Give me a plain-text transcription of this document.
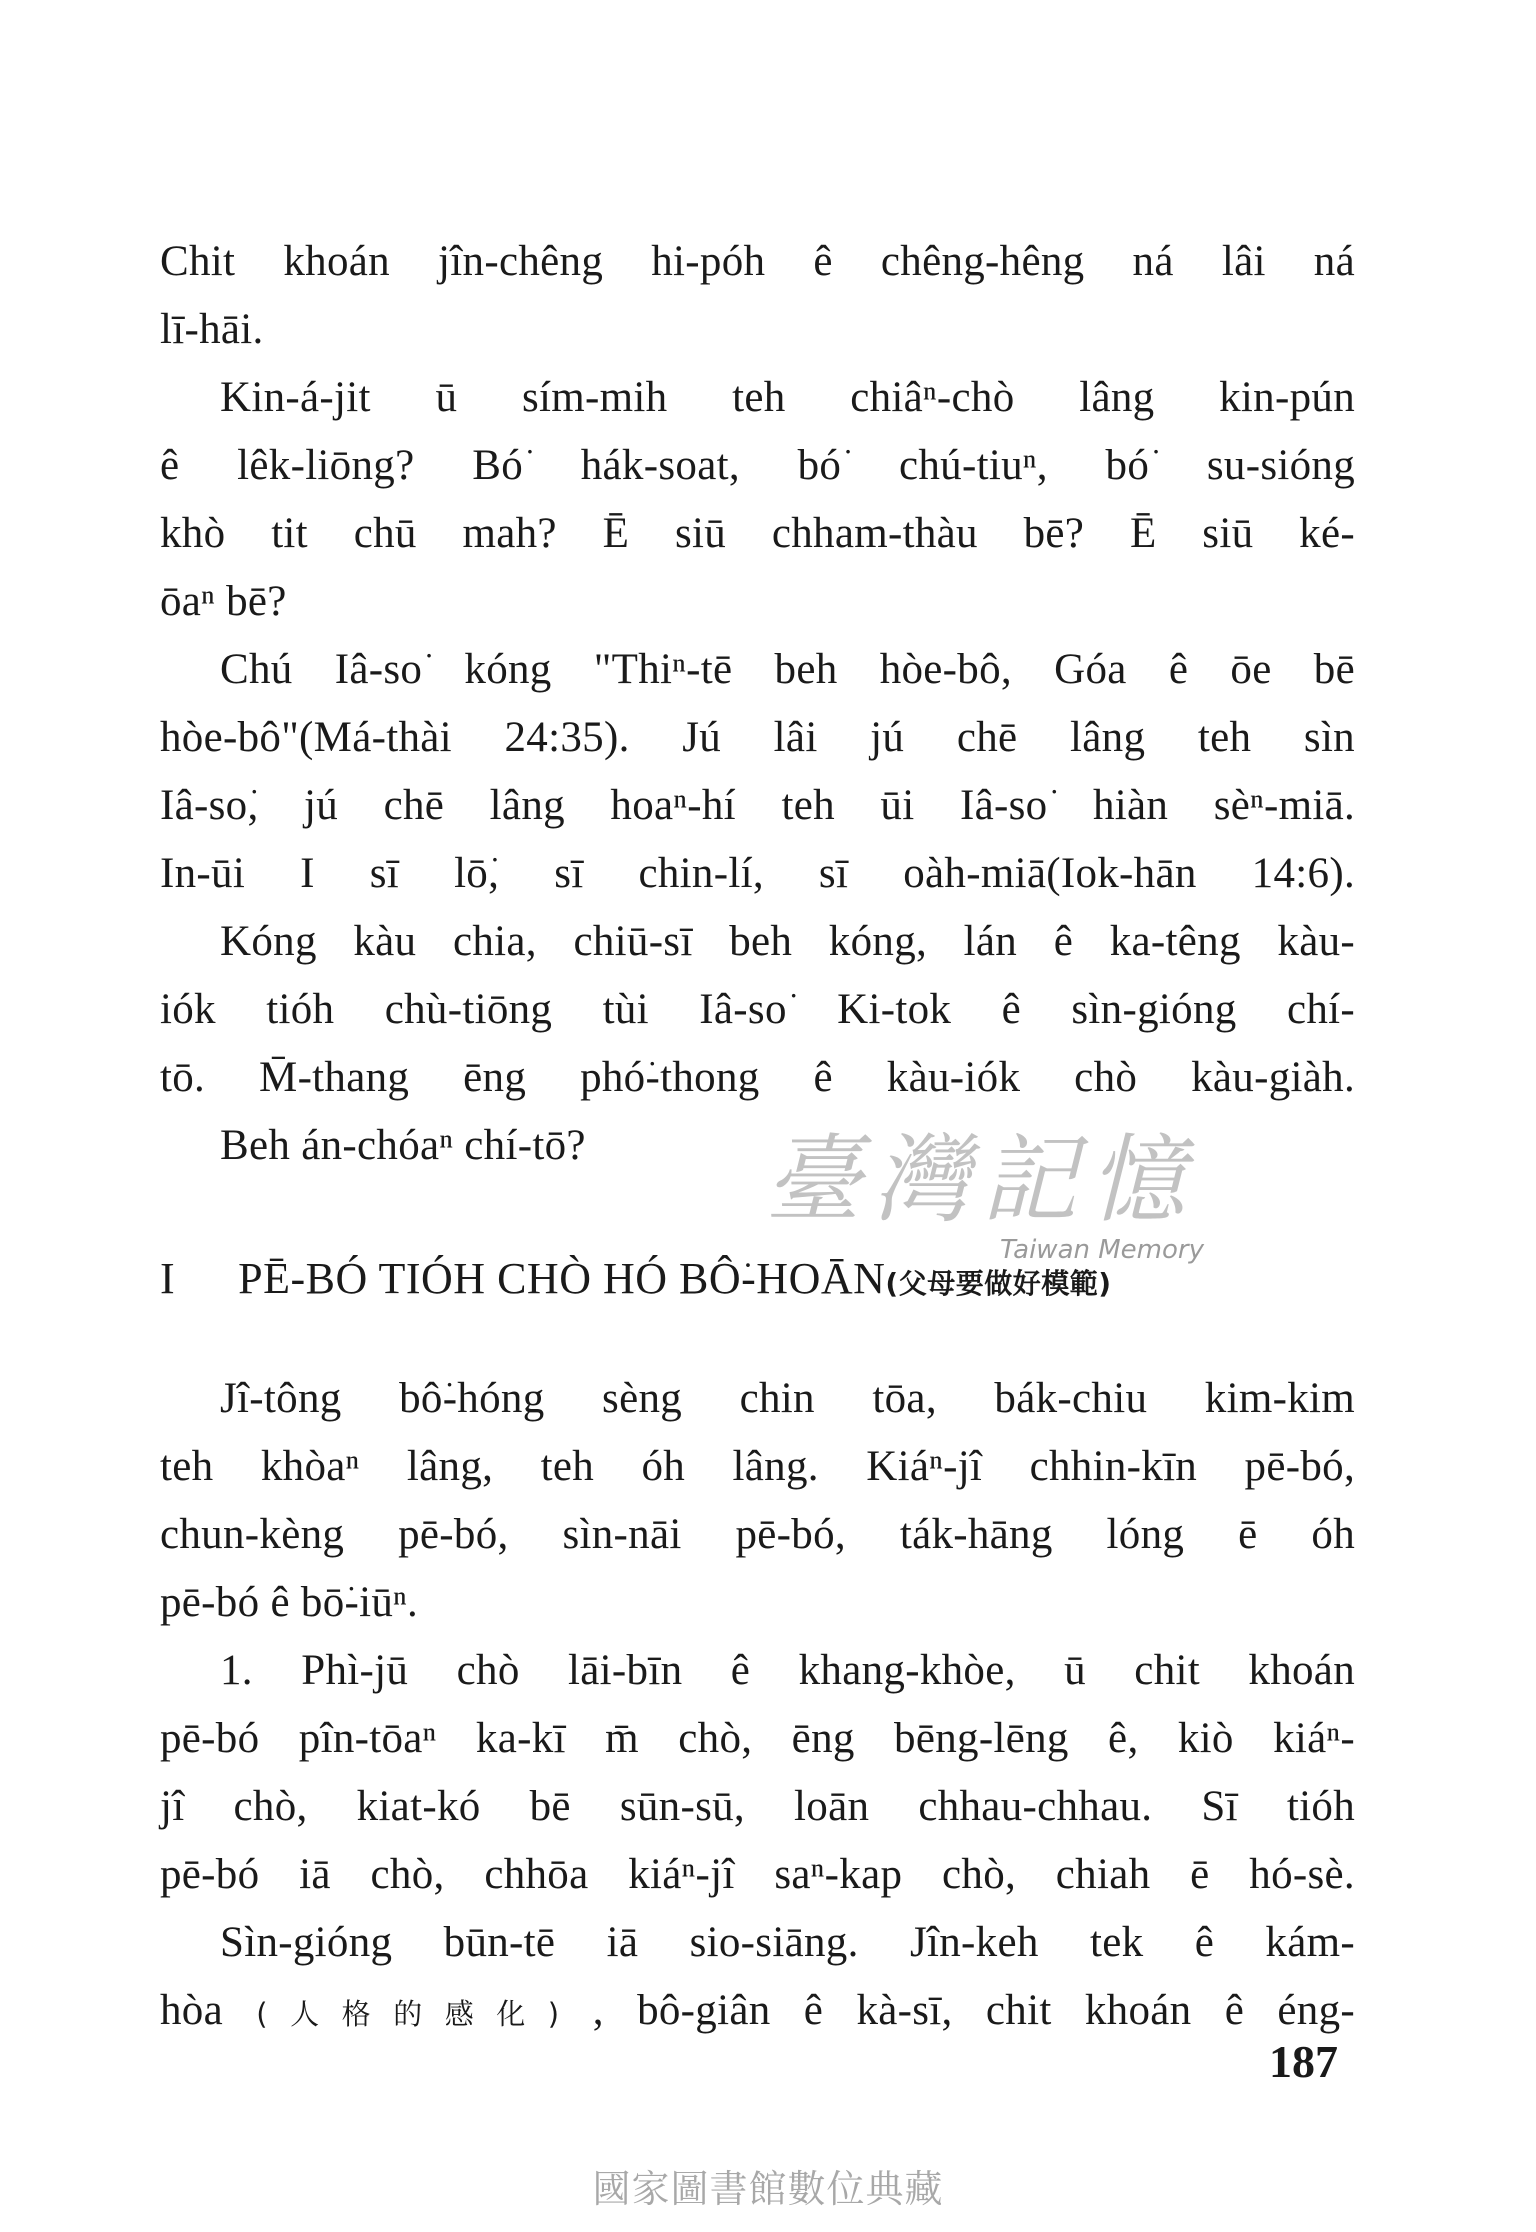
臺灣記憶
Taiwan Memory
Chit khoán jîn-chêng hi-póh ê chêng-hêng ná lâi ná
lī-hāi.
Kin-á-jit ū sím-mih teh chiâⁿ-chò lâng kin-pún
ê lêk-liōng? Bó͘ hák-soat, bó͘ chú-tiuⁿ, bó͘ su-sióng
khò tit chū mah? Ē siū chham-thàu bē? Ē siū ké-
ōaⁿ bē?
Chú Iâ-so͘ kóng "Thiⁿ-tē beh hòe-bô, Góa ê ōe bē
hòe-bô"(Má-thài 24:35). Jú lâi jú chē lâng teh sìn
Iâ-so͘, jú chē lâng hoaⁿ-hí teh ūi Iâ-so͘ hiàn sèⁿ-miā.
In-ūi I sī lō͘, sī chin-lí, sī oàh-miā(Iok-hān 14:6).
Kóng kàu chia, chiū-sī beh kóng, lán ê ka-têng kàu-
iók tióh chù-tiōng tùi Iâ-so͘ Ki-tok ê sìn-gióng chí-
tō. M̄-thang ēng phó͘-thong ê kàu-iók chò kàu-giàh.
Beh án-chóaⁿ chí-tō?
I PĒ-BÓ TIÓH CHÒ HÓ BÔ͘-HOĀN(父母要做好模範)
Jî-tông bô͘-hóng sèng chin tōa, bák-chiu kim-kim
teh khòaⁿ lâng, teh óh lâng. Kiáⁿ-jî chhin-kīn pē-bó,
chun-kèng pē-bó, sìn-nāi pē-bó, ták-hāng lóng ē óh
pē-bó ê bō͘-iūⁿ.
1. Phì-jū chò lāi-bīn ê khang-khòe, ū chit khoán
pē-bó pîn-tōaⁿ ka-kī m̄ chò, ēng bēng-lēng ê, kiò kiáⁿ-
jî chò, kiat-kó bē sūn-sū, loān chhau-chhau. Sī tióh
pē-bó iā chò, chhōa kiáⁿ-jî saⁿ-kap chò, chiah ē hó-sè.
Sìn-gióng būn-tē iā sio-siāng. Jîn-keh tek ê kám-
hòa (人格的感化) , bô-giân ê kà-sī, chit khoán ê éng-
187
國家圖書館數位典藏
